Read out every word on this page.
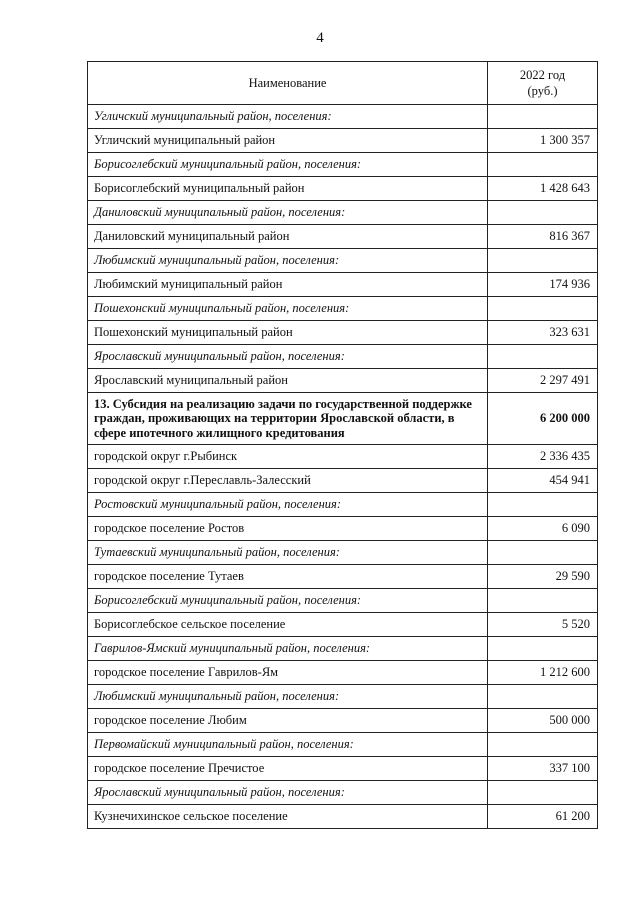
4
Наименование	2022 год
(руб.)

Угличский муниципальный район, поселения:	
Угличский муниципальный район	1 300 357
Борисоглебский муниципальный район, поселения:	
Борисоглебский муниципальный район	1 428 643
Даниловский муниципальный район, поселения:	
Даниловский муниципальный район	816 367
Любимский муниципальный район, поселения:	
Любимский муниципальный район	174 936
Пошехонский муниципальный район, поселения:	
Пошехонский муниципальный район	323 631
Ярославский муниципальный район, поселения:	
Ярославский муниципальный район	2 297 491
13. Субсидия на реализацию задачи по государственной поддержке граждан, проживающих на территории Ярославской области, в сфере ипотечного жилищного кредитования	6 200 000
городской округ г.Рыбинск	2 336 435
городской округ г.Переславль-Залесский	454 941
Ростовский муниципальный район, поселения:	
городское поселение Ростов	6 090
Тутаевский муниципальный район, поселения:	
городское поселение Тутаев	29 590
Борисоглебский муниципальный район, поселения:	
Борисоглебское сельское поселение	5 520
Гаврилов-Ямский муниципальный район, поселения:	
городское поселение Гаврилов-Ям	1 212 600
Любимский муниципальный район, поселения:	
городское поселение Любим	500 000
Первомайский муниципальный район, поселения:	
городское поселение Пречистое	337 100
Ярославский муниципальный район, поселения:	
Кузнечихинское сельское поселение	61 200
